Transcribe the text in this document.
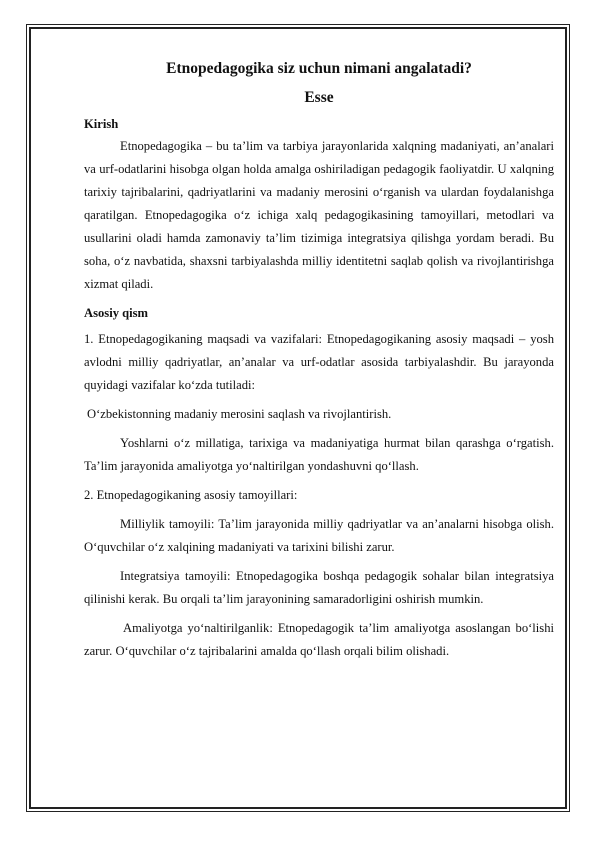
Etnopedagogika siz uchun nimani angalatadi?
Esse
Kirish

Etnopedagogika – bu ta’lim va tarbiya jarayonlarida xalqning madaniyati, an’analari va urf-odatlarini hisobga olgan holda amalga oshiriladigan pedagogik faoliyatdir. U xalqning tarixiy tajribalarini, qadriyatlarini va madaniy merosini o‘rganish va ulardan foydalanishga qaratilgan. Etnopedagogika o‘z ichiga xalq pedagogikasining tamoyillari, metodlari va usullarini oladi hamda zamonaviy ta’lim tizimiga integratsiya qilishga yordam beradi. Bu soha, o‘z navbatida, shaxsni tarbiyalashda milliy identitetni saqlab qolish va rivojlantirishga xizmat qiladi.

Asosiy qism

1. Etnopedagogikaning maqsadi va vazifalari: Etnopedagogikaning asosiy maqsadi – yosh avlodni milliy qadriyatlar, an’analar va urf-odatlar asosida tarbiyalashdir. Bu jarayonda quyidagi vazifalar ko‘zda tutiladi:

O‘zbekistonning madaniy merosini saqlash va rivojlantirish.

Yoshlarni o‘z millatiga, tarixiga va madaniyatiga hurmat bilan qarashga o‘rgatish. Ta’lim jarayonida amaliyotga yo‘naltirilgan yondashuvni qo‘llash.

2. Etnopedagogikaning asosiy tamoyillari:

Milliylik tamoyili: Ta’lim jarayonida milliy qadriyatlar va an’analarni hisobga olish. O‘quvchilar o‘z xalqining madaniyati va tarixini bilishi zarur.

Integratsiya tamoyili: Etnopedagogika boshqa pedagogik sohalar bilan integratsiya qilinishi kerak. Bu orqali ta’lim jarayonining samaradorligini oshirish mumkin.

Amaliyotga yo‘naltirilganlik: Etnopedagogik ta’lim amaliyotga asoslangan bo‘lishi zarur. O‘quvchilar o‘z tajribalarini amalda qo‘llash orqali bilim olishadi.
